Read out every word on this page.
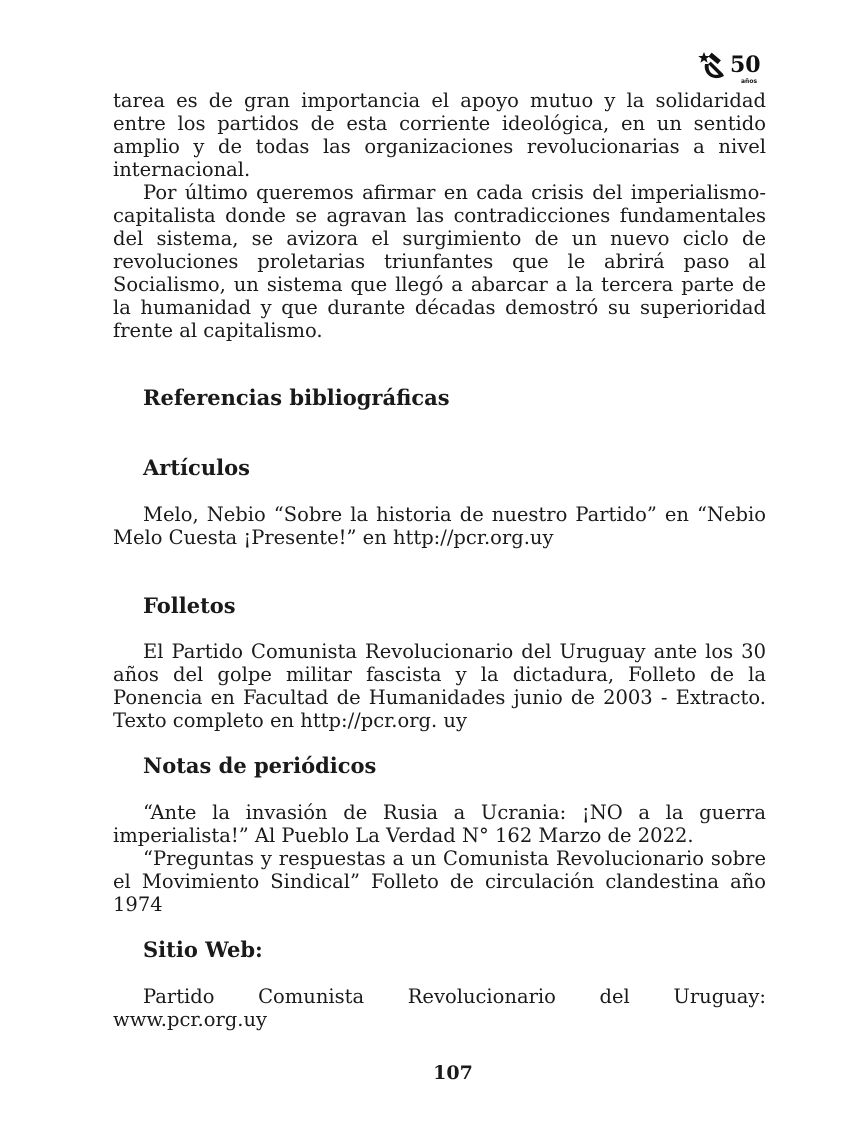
50
años

tarea es de gran importancia el apoyo mutuo y la solidaridad entre los partidos de esta corriente ideológica, en un sentido amplio y de todas las organizaciones revolucionarias a nivel internacional.

Por último queremos afirmar en cada crisis del imperialismo-capitalista donde se agravan las contradicciones fundamentales del sistema, se avizora el surgimiento de un nuevo ciclo de revoluciones proletarias triunfantes que le abrirá paso al Socialismo, un sistema que llegó a abarcar a la tercera parte de la humanidad y que durante décadas demostró su superioridad frente al capitalismo.

Referencias bibliográficas
Artículos

Melo, Nebio “Sobre la historia de nuestro Partido” en “Nebio Melo Cuesta ¡Presente!” en http://pcr.org.uy

Folletos

El Partido Comunista Revolucionario del Uruguay ante los 30 años del golpe militar fascista y la dictadura, Folleto de la Ponencia en Facultad de Humanidades junio de 2003 - Extracto. Texto completo en http://pcr.org. uy

Notas de periódicos

“Ante la invasión de Rusia a Ucrania: ¡NO a la guerra imperialista!” Al Pueblo La Verdad N° 162 Marzo de 2022.

“Preguntas y respuestas a un Comunista Revolucionario sobre el Movimiento Sindical” Folleto de circulación clandestina año 1974

Sitio Web:

Partido Comunista Revolucionario del Uruguay: www.pcr.org.uy

107
